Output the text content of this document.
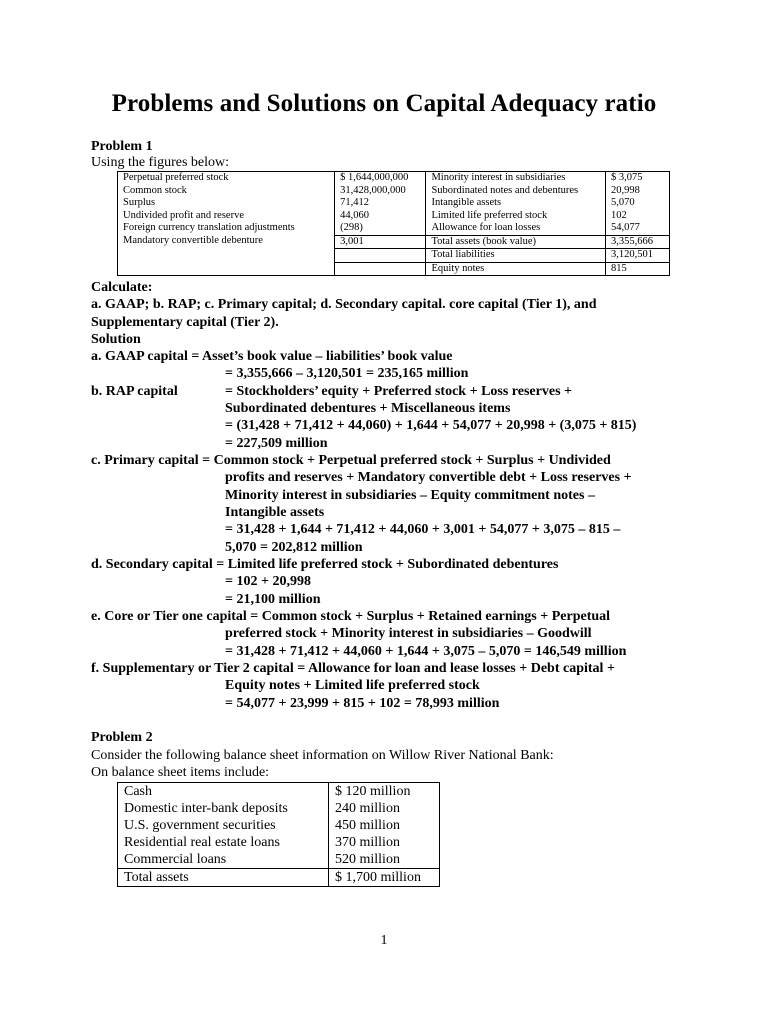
Problems and Solutions on Capital Adequacy ratio
Problem 1
Using the figures below:
Perpetual preferred stock	$ 1,644,000,000	Minority interest in subsidiaries	$ 3,075
Common stock	31,428,000,000	Subordinated notes and debentures	20,998
Surplus	71,412	Intangible assets	5,070
Undivided profit and reserve	44,060	Limited life preferred stock	102
Foreign currency translation adjustments	(298)	Allowance for loan losses	54,077
Mandatory convertible debenture	3,001	Total assets (book value)	3,355,666
		Total liabilities	3,120,501
		Equity notes	815
Calculate:
a. GAAP; b. RAP; c. Primary capital; d. Secondary capital. core capital (Tier 1), and
Supplementary capital (Tier 2).
Solution
a. GAAP capital = Asset’s book value – liabilities’ book value
= 3,355,666 – 3,120,501 = 235,165 million
b. RAP capital	= Stockholders’ equity + Preferred stock + Loss reserves +
Subordinated debentures + Miscellaneous items
= (31,428 + 71,412 + 44,060) + 1,644 + 54,077 + 20,998 + (3,075 + 815)
= 227,509 million
c. Primary capital = Common stock + Perpetual preferred stock + Surplus + Undivided
profits and reserves + Mandatory convertible debt + Loss reserves +
Minority interest in subsidiaries – Equity commitment notes –
Intangible assets
= 31,428 + 1,644 + 71,412 + 44,060 + 3,001 + 54,077 + 3,075 – 815 –
5,070 = 202,812 million
d. Secondary capital = Limited life preferred stock + Subordinated debentures
= 102 + 20,998
= 21,100 million
e. Core or Tier one capital = Common stock + Surplus + Retained earnings + Perpetual
preferred stock + Minority interest in subsidiaries – Goodwill
= 31,428 + 71,412 + 44,060 + 1,644 + 3,075 – 5,070 = 146,549 million
f. Supplementary or Tier 2 capital = Allowance for loan and lease losses + Debt capital +
Equity notes + Limited life preferred stock
= 54,077 + 23,999 + 815 + 102 = 78,993 million
Problem 2
Consider the following balance sheet information on Willow River National Bank:
On balance sheet items include:
Cash	$ 120 million
Domestic inter-bank deposits	240 million
U.S. government securities	450 million
Residential real estate loans	370 million
Commercial loans	520 million
Total assets	$ 1,700 million
1
